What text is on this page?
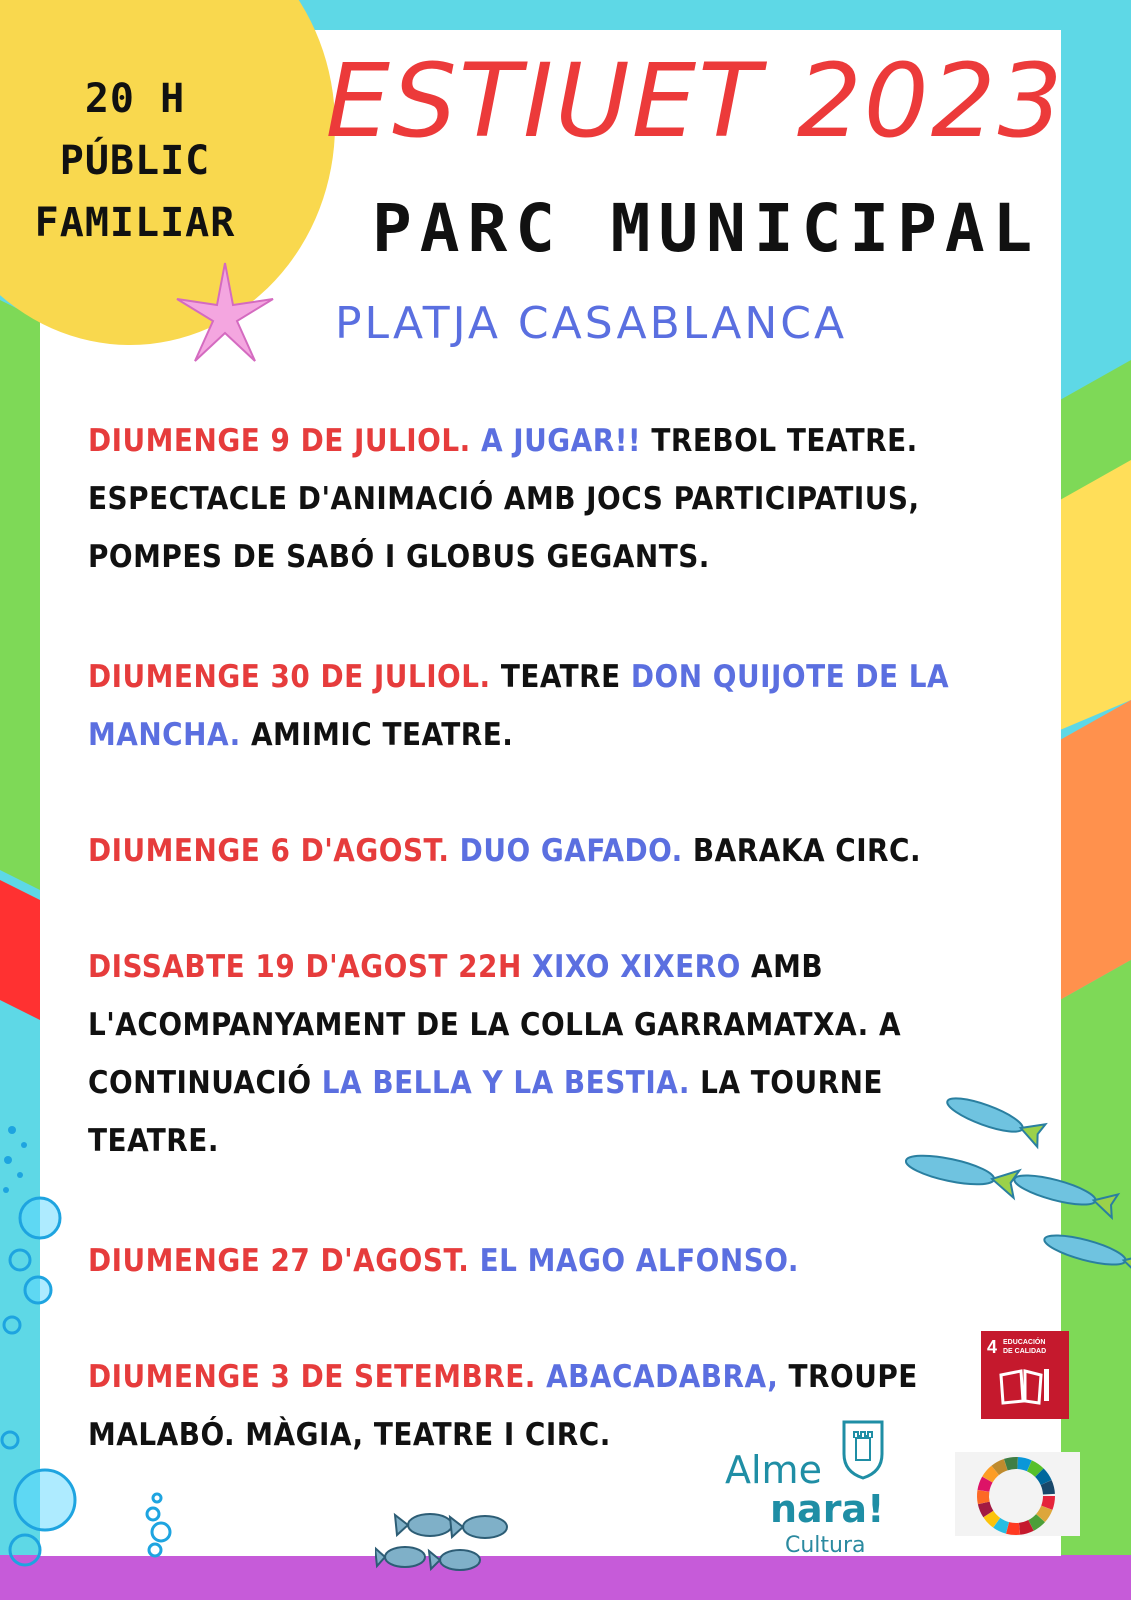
20 H
PÚBLIC
FAMILIAR
ESTIUET 2023
PARC MUNICIPAL
PLATJA CASABLANCA

DIUMENGE 9 DE JULIOL. A JUGAR!! TREBOL TEATRE.

ESPECTACLE D'ANIMACIÓ AMB JOCS PARTICIPATIUS,

POMPES DE SABÓ I GLOBUS GEGANTS.

DIUMENGE 30 DE JULIOL. TEATRE DON QUIJOTE DE LA

MANCHA. AMIMIC TEATRE.

DIUMENGE 6 D'AGOST. DUO GAFADO. BARAKA CIRC.

DISSABTE 19 D'AGOST 22H XIXO XIXERO AMB

L'ACOMPANYAMENT DE LA COLLA GARRAMATXA. A

CONTINUACIÓ LA BELLA Y LA BESTIA. LA TOURNE

TEATRE.

DIUMENGE 27 D'AGOST. EL MAGO ALFONSO.

DIUMENGE 3 DE SETEMBRE. ABACADABRA, TROUPE

MALABÓ. MÀGIA, TEATRE I CIRC.

4 EDUCACIÓN
DE CALIDAD
Alme
nara!
Cultura
